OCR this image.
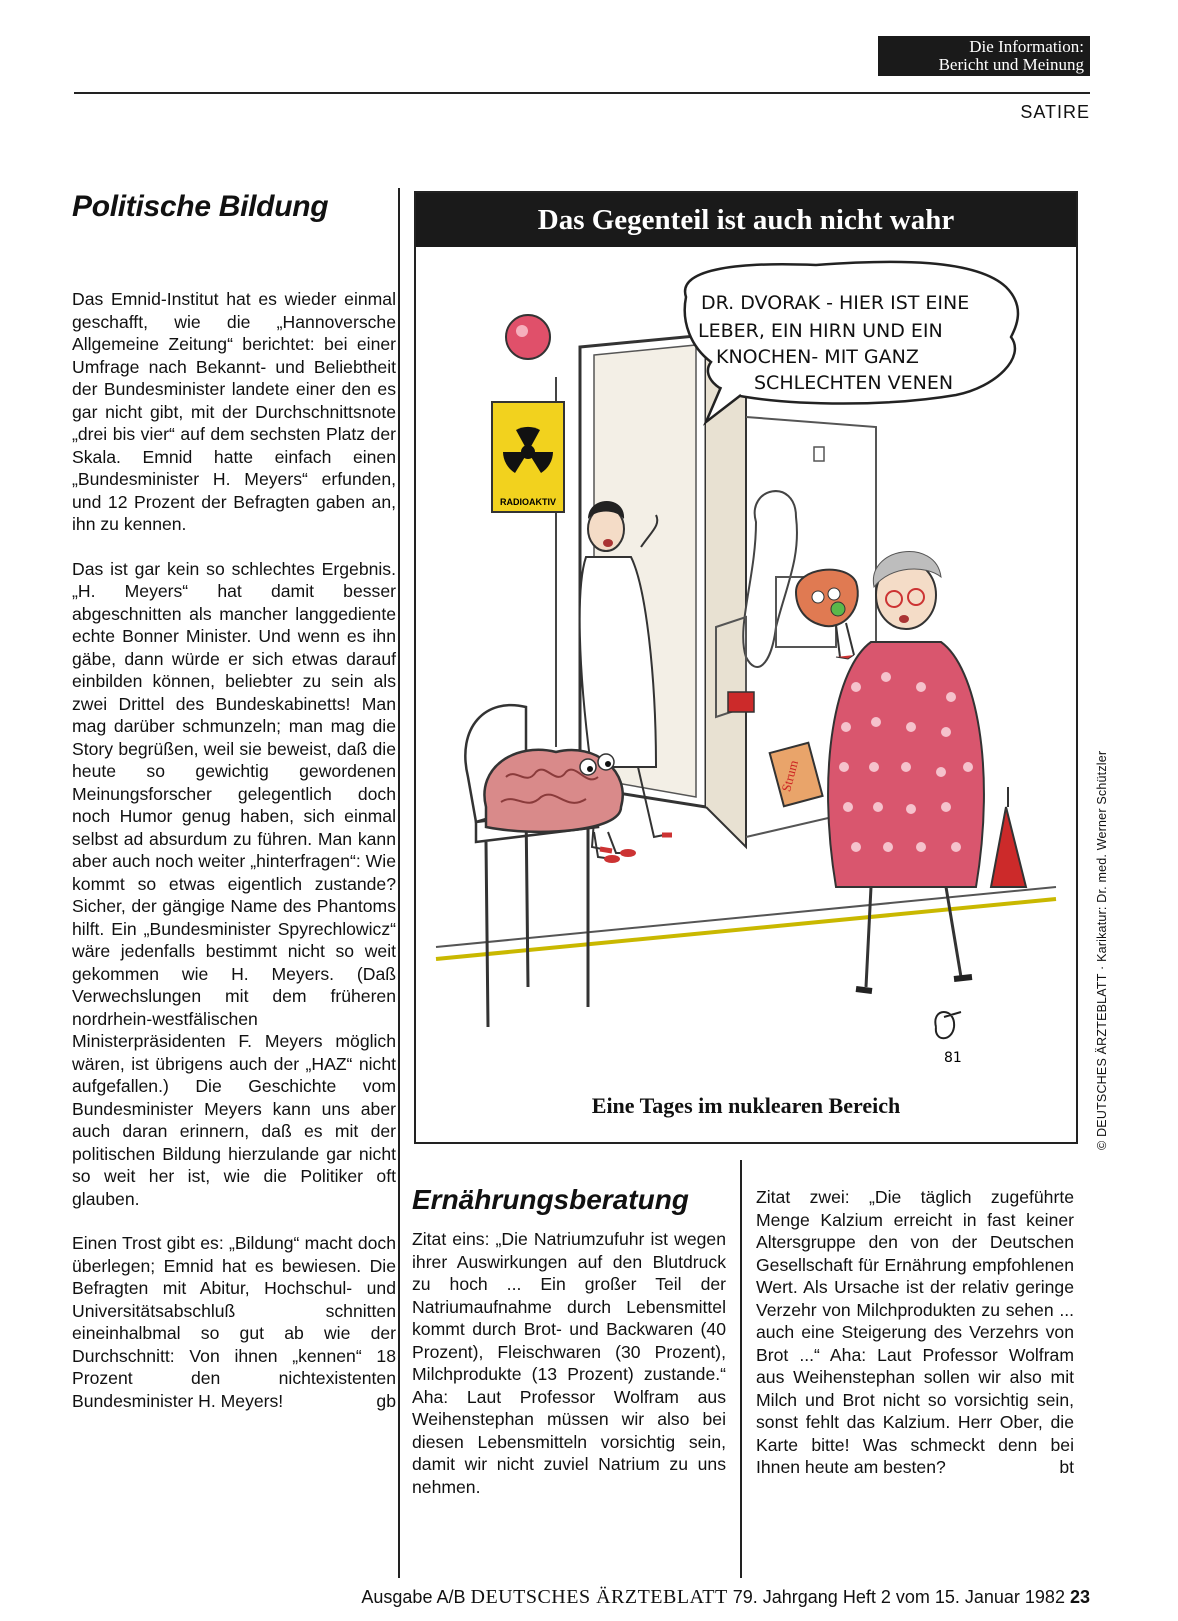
Die Information:
Bericht und Meinung
SATIRE
Politische Bildung

Das Emnid-Institut hat es wieder einmal geschafft, wie die „Hannoversche Allgemeine Zeitung“ berichtet: bei einer Umfrage nach Bekannt- und Beliebtheit der Bundesminister landete einer den es gar nicht gibt, mit der Durchschnittsnote „drei bis vier“ auf dem sechsten Platz der Skala. Emnid hatte einfach einen „Bundesminister H. Meyers“ erfunden, und 12 Prozent der Befragten gaben an, ihn zu kennen.

Das ist gar kein so schlechtes Ergebnis. „H. Meyers“ hat damit besser abgeschnitten als mancher langgediente echte Bonner Minister. Und wenn es ihn gäbe, dann würde er sich etwas darauf einbilden können, beliebter zu sein als zwei Drittel des Bundeskabinetts! Man mag darüber schmunzeln; man mag die Story begrüßen, weil sie beweist, daß die heute so gewichtig gewordenen Meinungsforscher gelegentlich doch noch Humor genug haben, sich einmal selbst ad absurdum zu führen. Man kann aber auch noch weiter „hinterfragen“: Wie kommt so etwas eigentlich zustande? Sicher, der gängige Name des Phantoms hilft. Ein „Bundesminister Spyrechlowicz“ wäre jedenfalls bestimmt nicht so weit gekommen wie H. Meyers. (Daß Verwechslungen mit dem früheren nordrhein-westfälischen Ministerpräsidenten F. Meyers möglich wären, ist übrigens auch der „HAZ“ nicht aufgefallen.) Die Geschichte vom Bundesminister Meyers kann uns aber auch daran erinnern, daß es mit der politischen Bildung hierzulande gar nicht so weit her ist, wie die Politiker oft glauben.

Einen Trost gibt es: „Bildung“ macht doch überlegen; Emnid hat es bewiesen. Die Befragten mit Abitur, Hochschul- und Universitätsabschluß schnitten eineinhalbmal so gut ab wie der Durchschnitt: Von ihnen „kennen“ 18 Prozent den nichtexistenten Bundesminister H. Meyers!	gb

Das Gegenteil ist auch nicht wahr
RADIOAKTIV
Strum
DR. DVORAK - HIER IST EINE
LEBER, EIN HIRN UND EIN
KNOCHEN- MIT GANZ
SCHLECHTEN VENEN
81
Eine Tages im nuklearen Bereich	© DEUTSCHES ÄRZTEBLATT · Karikatur: Dr. med. Werner Schützler
Ernährungsberatung

Zitat eins: „Die Natriumzufuhr ist wegen ihrer Auswirkungen auf den Blutdruck zu hoch ... Ein großer Teil der Natriumaufnahme durch Lebensmittel kommt durch Brot- und Backwaren (40 Prozent), Fleischwaren (30 Prozent), Milchprodukte (13 Prozent) zustande.“ Aha: Laut Professor Wolfram aus Weihenstephan müssen wir also bei diesen Lebensmitteln vorsichtig sein, damit wir nicht zuviel Natrium zu uns nehmen.

Zitat zwei: „Die täglich zugeführte Menge Kalzium erreicht in fast keiner Altersgruppe den von der Deutschen Gesellschaft für Ernährung empfohlenen Wert. Als Ursache ist der relativ geringe Verzehr von Milchprodukten zu sehen ... auch eine Steigerung des Verzehrs von Brot ...“ Aha: Laut Professor Wolfram aus Weihenstephan sollen wir also mit Milch und Brot nicht so vorsichtig sein, sonst fehlt das Kalzium. Herr Ober, die Karte bitte! Was schmeckt denn bei Ihnen heute am besten?	bt

Ausgabe A/B DEUTSCHES ÄRZTEBLATT 79. Jahrgang Heft 2 vom 15. Januar 1982 23
